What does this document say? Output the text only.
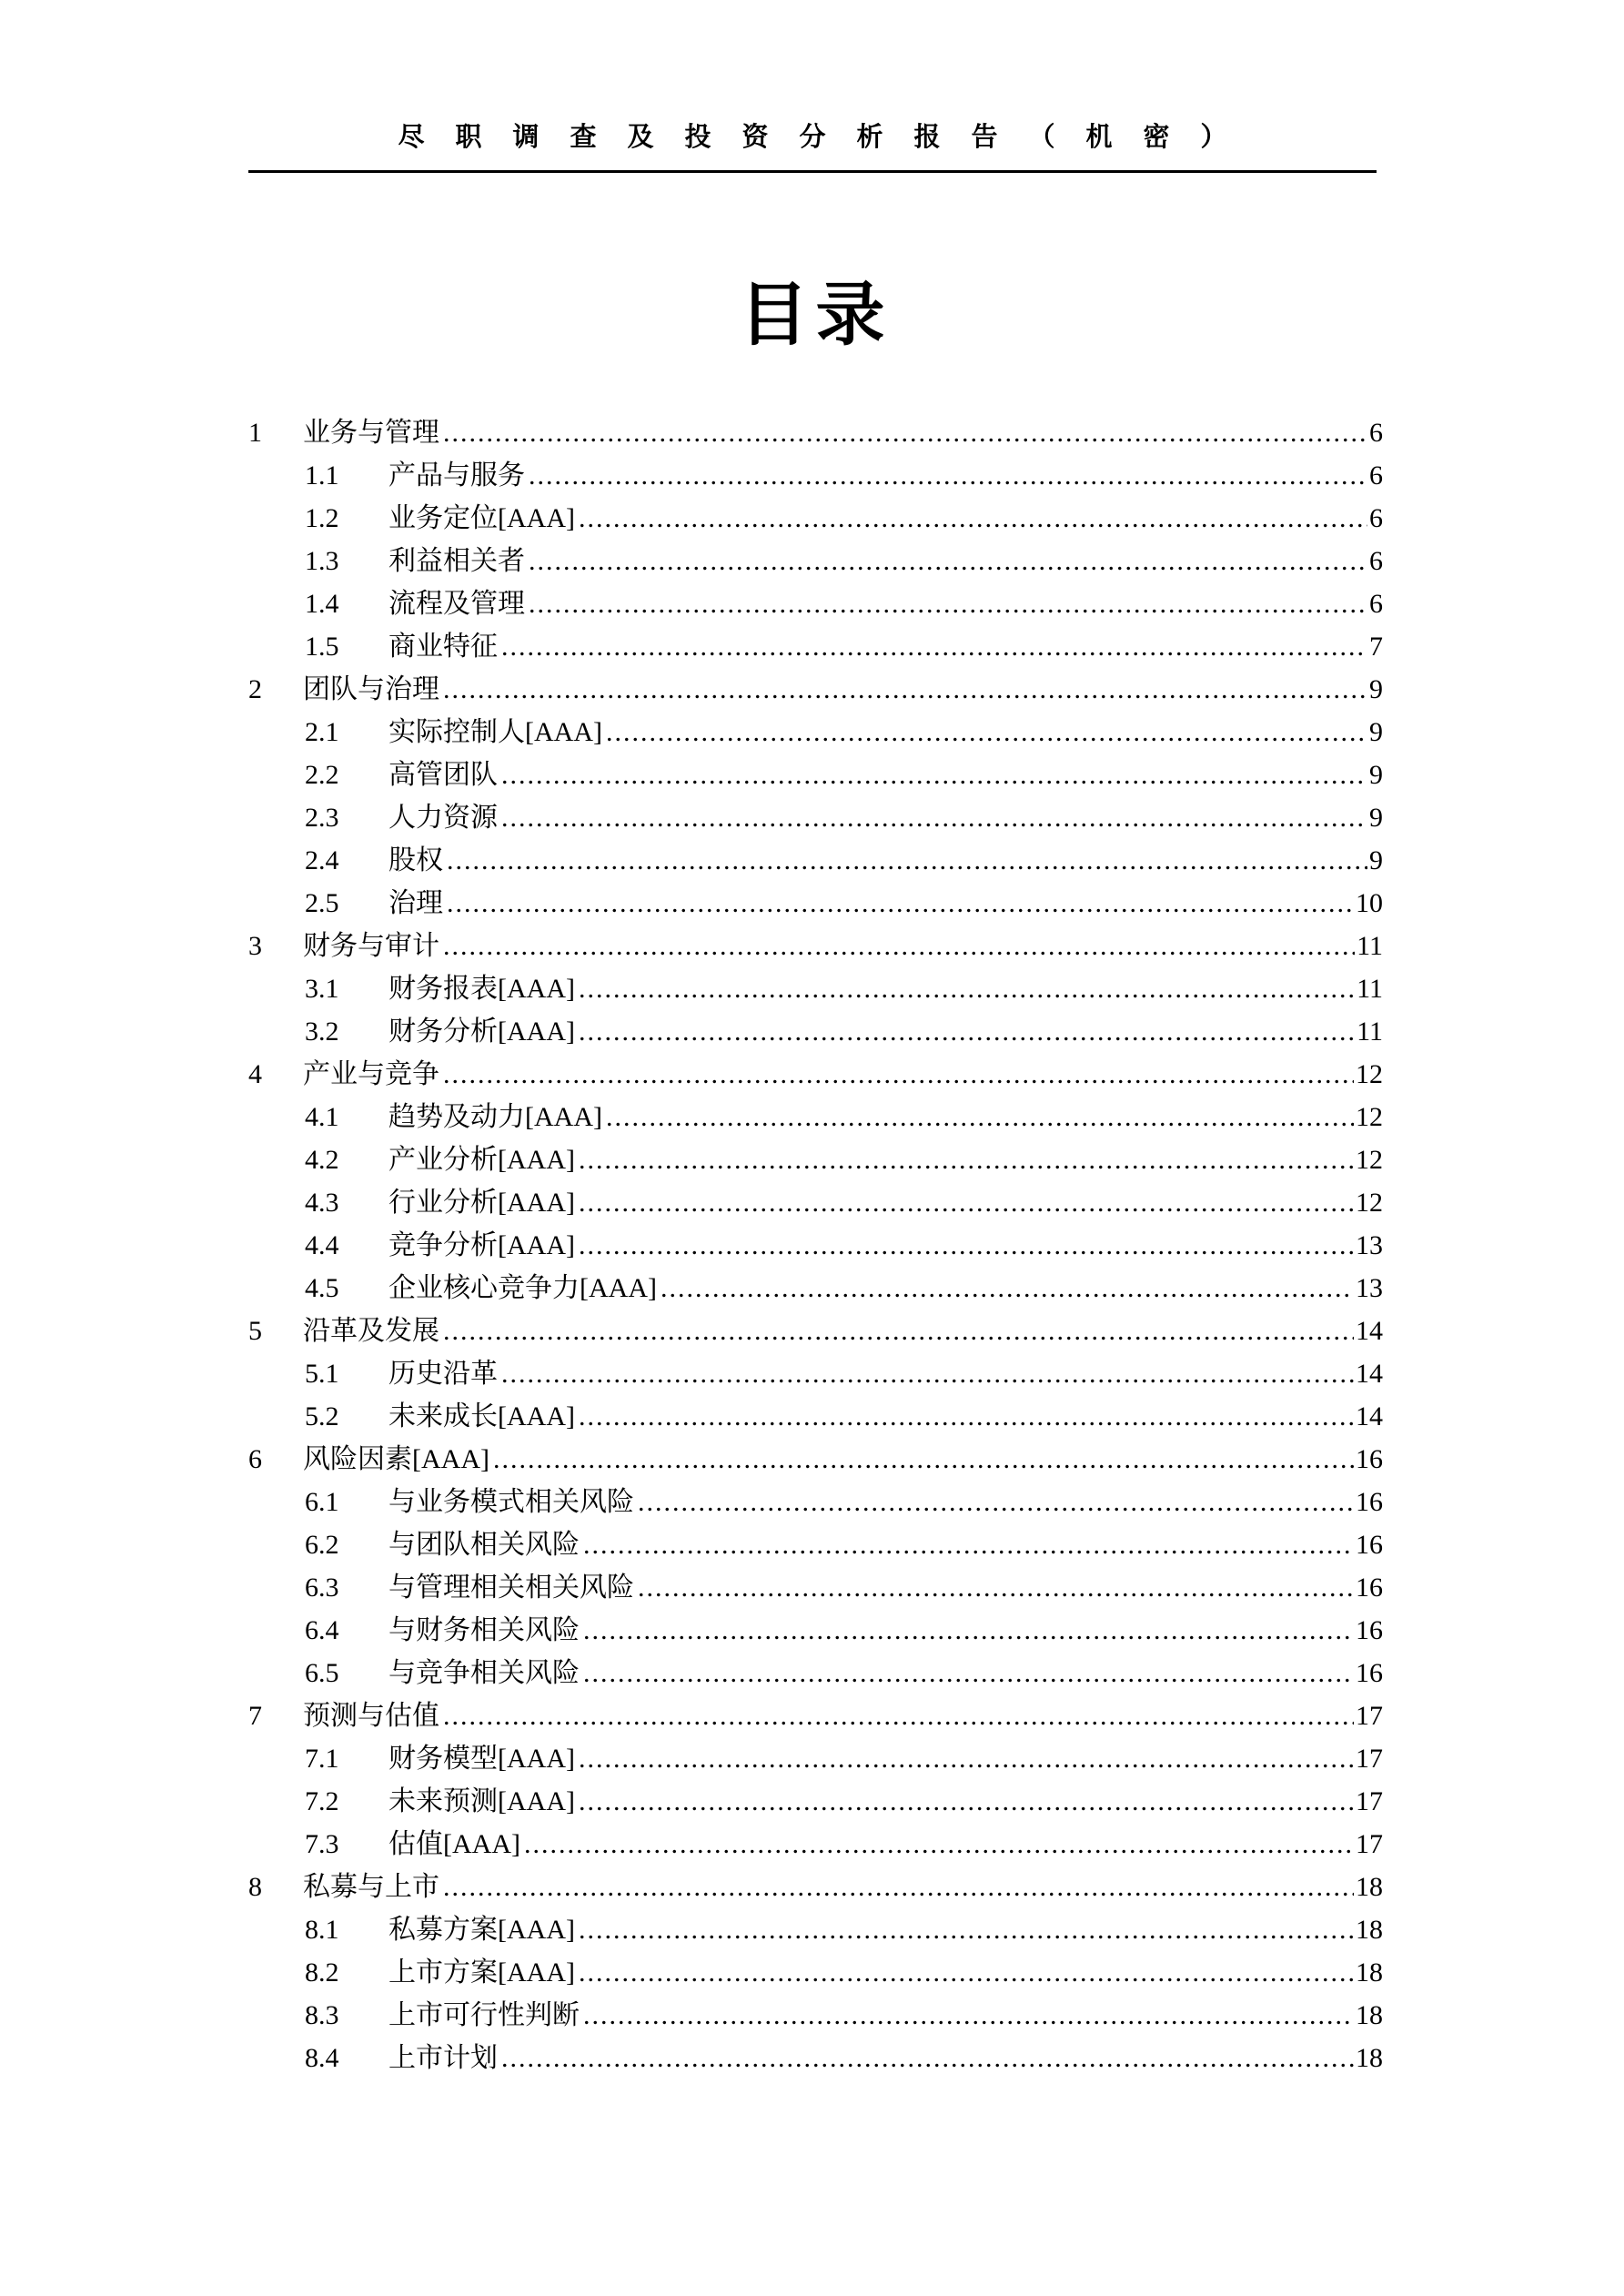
尽职调查及投资分析报告（机密）
目录
1	业务与管理 .....	6
1.1	产品与服务 .....	6
1.2	业务定位[AAA] .....	6
1.3	利益相关者 .....	6
1.4	流程及管理 .....	6
1.5	商业特征 .....	7
2	团队与治理 .....	9
2.1	实际控制人[AAA] .....	9
2.2	高管团队 .....	9
2.3	人力资源 .....	9
2.4	股权 .....	9
2.5	治理 .....	10
3	财务与审计 .....	11
3.1	财务报表[AAA] .....	11
3.2	财务分析[AAA] .....	11
4	产业与竞争 .....	12
4.1	趋势及动力[AAA] .....	12
4.2	产业分析[AAA] .....	12
4.3	行业分析[AAA] .....	12
4.4	竞争分析[AAA] .....	13
4.5	企业核心竞争力[AAA] .....	13
5	沿革及发展 .....	14
5.1	历史沿革 .....	14
5.2	未来成长[AAA] .....	14
6	风险因素[AAA] .....	16
6.1	与业务模式相关风险 .....	16
6.2	与团队相关风险 .....	16
6.3	与管理相关相关风险 .....	16
6.4	与财务相关风险 .....	16
6.5	与竞争相关风险 .....	16
7	预测与估值 .....	17
7.1	财务模型[AAA] .....	17
7.2	未来预测[AAA] .....	17
7.3	估值[AAA] .....	17
8	私募与上市 .....	18
8.1	私募方案[AAA] .....	18
8.2	上市方案[AAA] .....	18
8.3	上市可行性判断 .....	18
8.4	上市计划 .....	18
